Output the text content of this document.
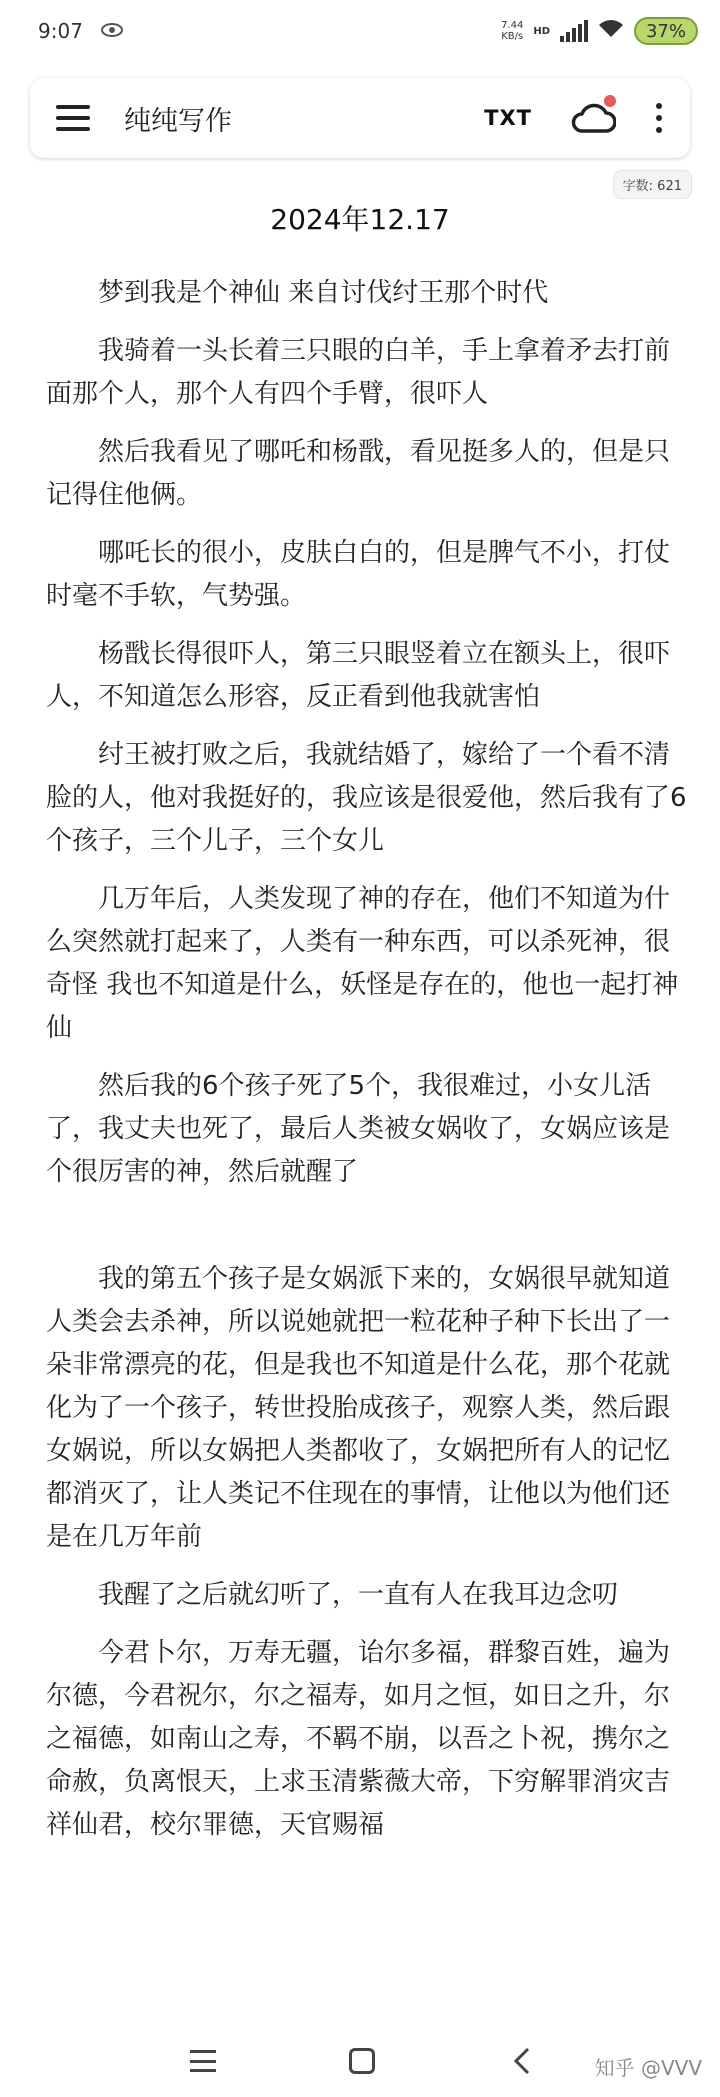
9:07	7.44
KB/s HD	37%
纯纯写作	TXT
字数: 621
2024年12.17

梦到我是个神仙 来自讨伐纣王那个时代

我骑着一头长着三只眼的白羊，手上拿着矛去打前面那个人，那个人有四个手臂，很吓人

然后我看见了哪吒和杨戬，看见挺多人的，但是只记得住他俩。

哪吒长的很小，皮肤白白的，但是脾气不小，打仗时毫不手软，气势强。

杨戬长得很吓人，第三只眼竖着立在额头上，很吓人，不知道怎么形容，反正看到他我就害怕

纣王被打败之后，我就结婚了，嫁给了一个看不清脸的人，他对我挺好的，我应该是很爱他，然后我有了6个孩子，三个儿子，三个女儿

几万年后，人类发现了神的存在，他们不知道为什么突然就打起来了，人类有一种东西，可以杀死神，很奇怪 我也不知道是什么，妖怪是存在的，他也一起打神仙

然后我的6个孩子死了5个，我很难过，小女儿活了，我丈夫也死了，最后人类被女娲收了，女娲应该是个很厉害的神，然后就醒了

我的第五个孩子是女娲派下来的，女娲很早就知道人类会去杀神，所以说她就把一粒花种子种下长出了一朵非常漂亮的花，但是我也不知道是什么花，那个花就化为了一个孩子，转世投胎成孩子，观察人类，然后跟女娲说，所以女娲把人类都收了，女娲把所有人的记忆都消灭了，让人类记不住现在的事情，让他以为他们还是在几万年前

我醒了之后就幻听了，一直有人在我耳边念叨

今君卜尔，万寿无疆，诒尔多福，群黎百姓，遍为尔德，今君祝尔，尔之福寿，如月之恒，如日之升，尔之福德，如南山之寿，不羁不崩，以吾之卜祝，携尔之命赦，负离恨天，上求玉清紫薇大帝，下穷解罪消灾吉祥仙君，校尔罪德，天官赐福

知乎 @VVV
